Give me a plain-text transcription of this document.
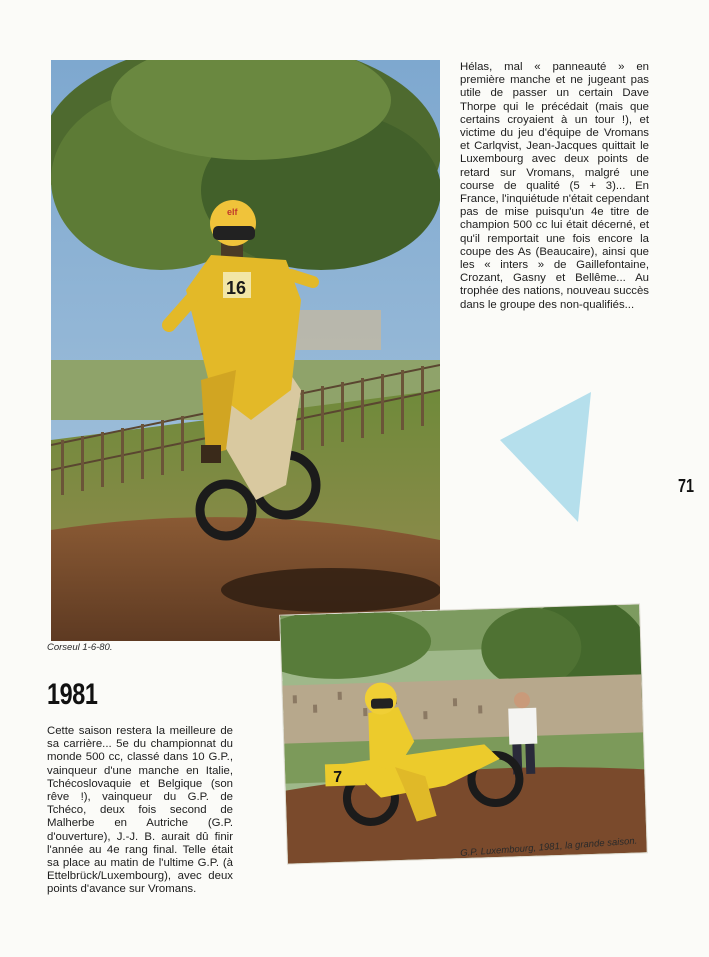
16
elf
Corseul 1-6-80.
Hélas, mal « panneauté » en première manche et ne jugeant pas utile de passer un certain Dave Thorpe qui le précédait (mais que certains croyaient à un tour !), et victime du jeu d'équipe de Vromans et Carlqvist, Jean-Jacques quittait le Luxembourg avec deux points de retard sur Vromans, malgré une course de qualité (5 + 3)... En France, l'inquiétude n'était cependant pas de mise puisqu'un 4e titre de champion 500 cc lui était décerné, et qu'il remportait une fois encore la coupe des As (Beaucaire), ainsi que les « inters » de Gaillefontaine, Crozant, Gasny et Bellême... Au trophée des nations, nouveau succès dans le groupe des non-qualifiés...
71
1981
Cette saison restera la meilleure de sa carrière... 5e du championnat du monde 500 cc, classé dans 10 G.P., vainqueur d'une manche en Italie, Tchécoslovaquie et Belgique (son rêve !), vainqueur du G.P. de Tchéco, deux fois second de Malherbe en Autriche (G.P. d'ouverture), J.-J. B. aurait dû finir l'année au 4e rang final. Telle était sa place au matin de l'ultime G.P. (à Ettelbrück/Luxembourg), avec deux points d'avance sur Vromans.
7
G.P. Luxembourg, 1981, la grande saison.
